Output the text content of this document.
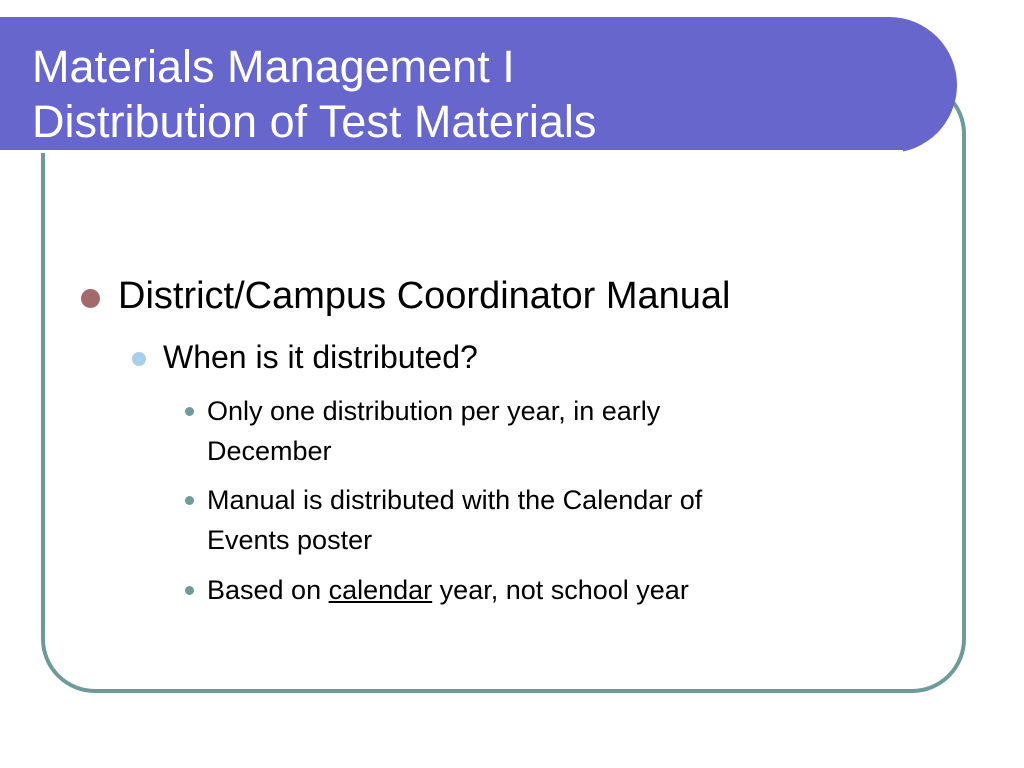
Materials Management I
Distribution of Test Materials
District/Campus Coordinator Manual
When is it distributed?
Only one distribution per year, in early
December
Manual is distributed with the Calendar of
Events poster
Based on calendar year, not school year
